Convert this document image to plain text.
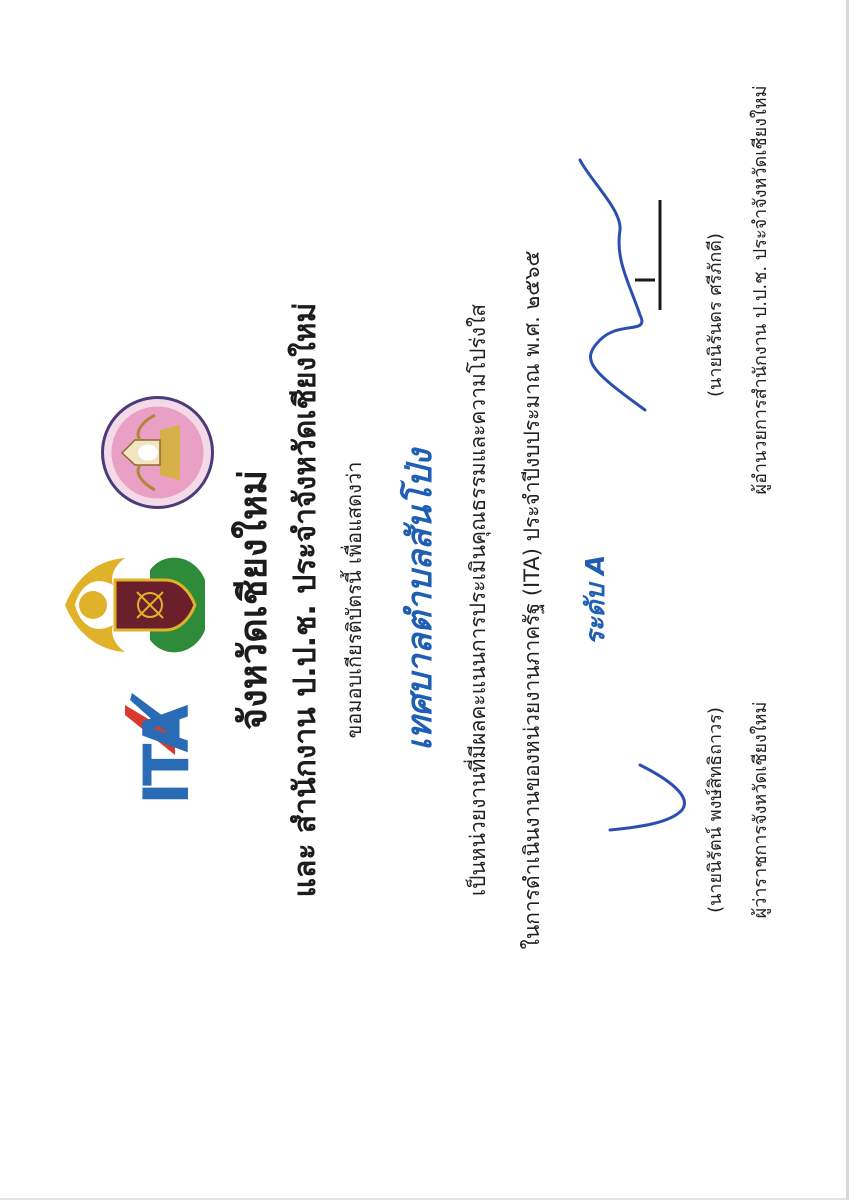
ITA
จังหวัดเชียงใหม่ และ สำนักงาน ป.ป.ช. ประจำจังหวัดเชียงใหม่ ขอมอบเกียรติบัตรนี้ เพื่อแสดงว่า เทศบาลตำบลสันโป่ง เป็นหน่วยงานที่มีผลคะแนนการประเมินคุณธรรมและความโปร่งใส ในการดำเนินงานของหน่วยงานภาครัฐ (ITA) ประจำปีงบประมาณ พ.ศ. ๒๕๖๕ ระดับ A
(นายนิรัตน์ พงษ์สิทธิถาวร) ผู้ว่าราชการจังหวัดเชียงใหม่
(นายนิรันดร ศรีภักดี) ผู้อำนวยการสำนักงาน ป.ป.ช. ประจำจังหวัดเชียงใหม่
